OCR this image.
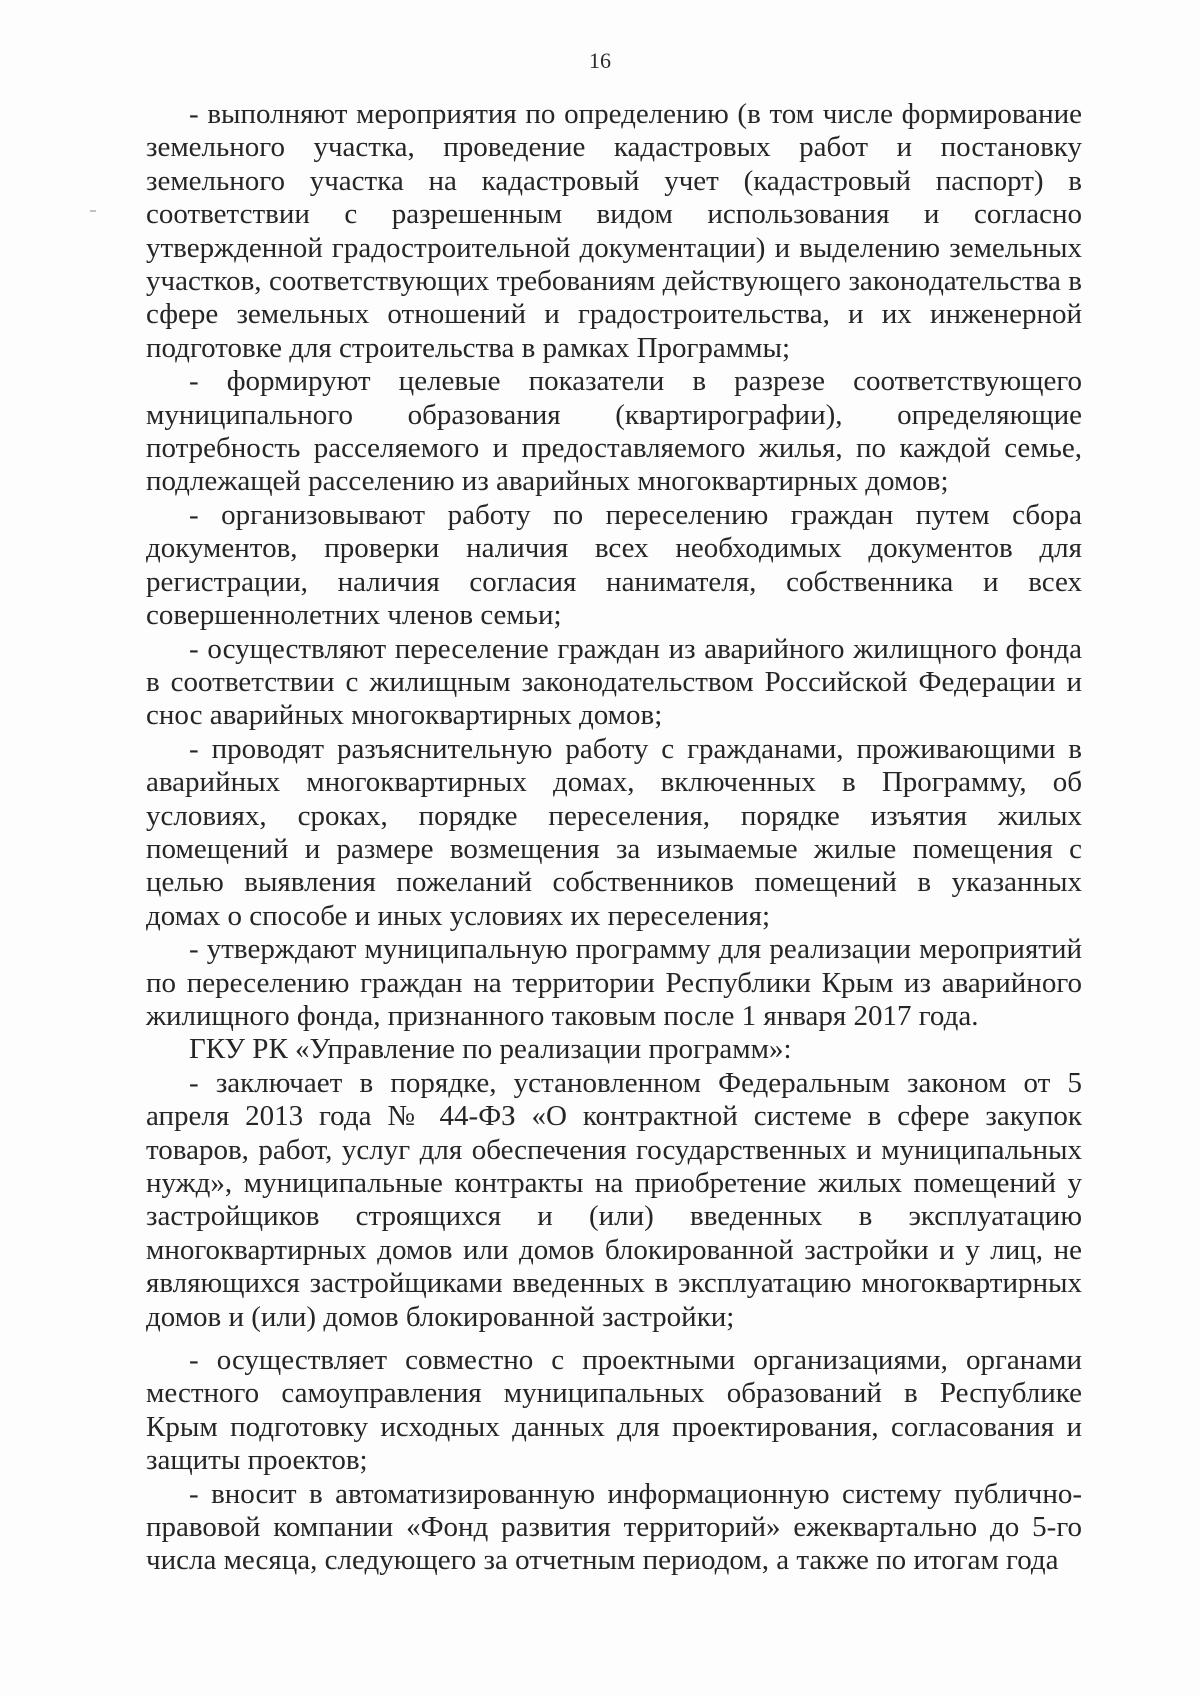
16

- выполняют мероприятия по определению (в том числе формирование земельного участка, проведение кадастровых работ и постановку земельного участка на кадастровый учет (кадастровый паспорт) в соответствии с разрешенным видом использования и согласно утвержденной градостроительной документации) и выделению земельных участков, соответствующих требованиям действующего законодательства в сфере земельных отношений и градостроительства, и их инженерной подготовке для строительства в рамках Программы;

- формируют целевые показатели в разрезе соответствующего муниципального образования (квартирографии), определяющие потребность расселяемого и предоставляемого жилья, по каждой семье, подлежащей расселению из аварийных многоквартирных домов;

- организовывают работу по переселению граждан путем сбора документов, проверки наличия всех необходимых документов для регистрации, наличия согласия нанимателя, собственника и всех совершеннолетних членов семьи;

- осуществляют переселение граждан из аварийного жилищного фонда в соответствии с жилищным законодательством Российской Федерации и снос аварийных многоквартирных домов;

- проводят разъяснительную работу с гражданами, проживающими в аварийных многоквартирных домах, включенных в Программу, об условиях, сроках, порядке переселения, порядке изъятия жилых помещений и размере возмещения за изымаемые жилые помещения с целью выявления пожеланий собственников помещений в указанных домах о способе и иных условиях их переселения;

- утверждают муниципальную программу для реализации мероприятий по переселению граждан на территории Республики Крым из аварийного жилищного фонда, признанного таковым после 1 января 2017 года.

ГКУ РК «Управление по реализации программ»:

- заключает в порядке, установленном Федеральным законом от 5 апреля 2013 года № 44-ФЗ «О контрактной системе в сфере закупок товаров, работ, услуг для обеспечения государственных и муниципальных нужд», муниципальные контракты на приобретение жилых помещений у застройщиков строящихся и (или) введенных в эксплуатацию многоквартирных домов или домов блокированной застройки и у лиц, не являющихся застройщиками введенных в эксплуатацию многоквартирных домов и (или) домов блокированной застройки;

- осуществляет совместно с проектными организациями, органами местного самоуправления муниципальных образований в Республике Крым подготовку исходных данных для проектирования, согласования и защиты проектов;

- вносит в автоматизированную информационную систему публично-правовой компании «Фонд развития территорий» ежеквартально до 5-го числа месяца, следующего за отчетным периодом, а также по итогам года
